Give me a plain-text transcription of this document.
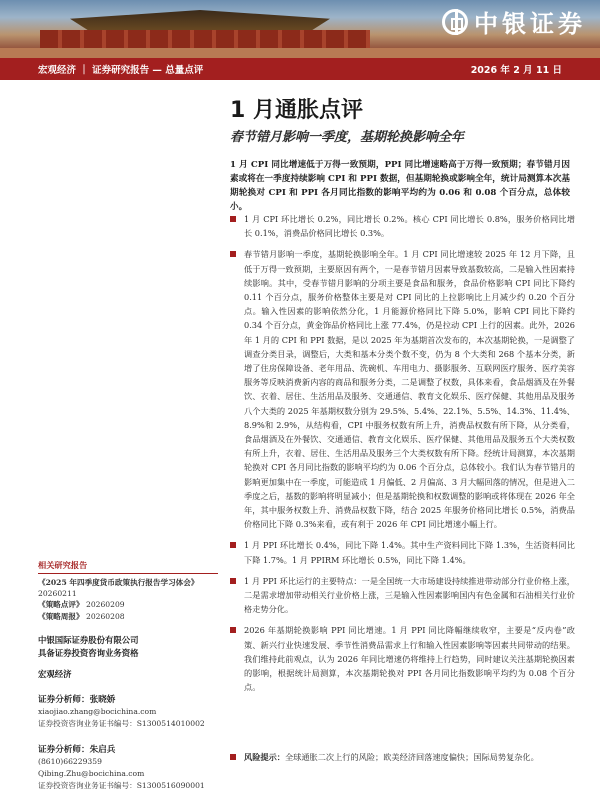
中银证券
宏观经济 ｜ 证券研究报告 — 总量点评	2026 年 2 月 11 日
1 月通胀点评
春节错月影响一季度，基期轮换影响全年
1 月 CPI 同比增速低于万得一致预期，PPI 同比增速略高于万得一致预期；春节错月因素或将在一季度持续影响 CPI 和 PPI 数据，但基期轮换或影响全年，统计局测算本次基期轮换对 CPI 和 PPI 各月同比指数的影响平均约为 0.06 和 0.08 个百分点，总体较小。
1 月 CPI 环比增长 0.2%，同比增长 0.2%。核心 CPI 同比增长 0.8%，服务价格同比增长 0.1%，消费品价格同比增长 0.3%。
春节错月影响一季度，基期轮换影响全年。1 月 CPI 同比增速较 2025 年 12 月下降，且低于万得一致预期，主要原因有两个，一是春节错月因素导致基数较高，二是输入性因素持续影响。其中，受春节错月影响的分项主要是食品和服务，食品价格影响 CPI 同比下降约 0.11 个百分点，服务价格整体主要是对 CPI 同比的上拉影响比上月减少约 0.20 个百分点。输入性因素的影响依然分化，1 月能源价格同比下降 5.0%，影响 CPI 同比下降约 0.34 个百分点，黄金饰品价格同比上涨 77.4%，仍是拉动 CPI 上行的因素。此外，2026 年 1 月的 CPI 和 PPI 数据，是以 2025 年为基期首次发布的，本次基期轮换，一是调整了调查分类目录，调整后，大类和基本分类个数不变，仍为 8 个大类和 268 个基本分类，新增了住房保障设备、老年用品、洗碗机、车用电力、摄影服务、互联网医疗服务、医疗美容服务等反映消费新内容的商品和服务分类，二是调整了权数，具体来看，食品烟酒及在外餐饮、衣着、居住、生活用品及服务、交通通信、教育文化娱乐、医疗保健、其他用品及服务八个大类的 2025 年基期权数分别为 29.5%、5.4%、22.1%、5.5%、14.3%、11.4%、8.9%和 2.9%，从结构看，CPI 中服务权数有所上升，消费品权数有所下降，从分类看，食品烟酒及在外餐饮、交通通信、教育文化娱乐、医疗保健、其他用品及服务五个大类权数有所上升，衣着、居住、生活用品及服务三个大类权数有所下降。经统计局测算，本次基期轮换对 CPI 各月同比指数的影响平均约为 0.06 个百分点，总体较小。我们认为春节错月的影响更加集中在一季度，可能造成 1 月偏低、2 月偏高、3 月大幅回落的情况，但是进入二季度之后，基数的影响将明显减小；但是基期轮换和权数调整的影响或将体现在 2026 年全年，其中服务权数上升、消费品权数下降，结合 2025 年服务价格同比增长 0.5%，消费品价格同比下降 0.3%来看，或有利于 2026 年 CPI 同比增速小幅上行。
1 月 PPI 环比增长 0.4%，同比下降 1.4%。其中生产资料同比下降 1.3%，生活资料同比下降 1.7%。1 月 PPIRM 环比增长 0.5%，同比下降 1.4%。
1 月 PPI 环比运行的主要特点：一是全国统一大市场建设持续推进带动部分行业价格上涨，二是需求增加带动相关行业价格上涨，三是输入性因素影响国内有色金属和石油相关行业价格走势分化。
2026 年基期轮换影响 PPI 同比增速。1 月 PPI 同比降幅继续收窄，主要是“反内卷”政策、新兴行业快速发展、季节性消费品需求上行和输入性因素影响等因素共同带动的结果。我们维持此前观点，认为 2026 年同比增速仍将维持上行趋势，同时建议关注基期轮换因素的影响，根据统计局测算，本次基期轮换对 PPI 各月同比指数影响平均约为 0.08 个百分点。
风险提示：全球通胀二次上行的风险；欧美经济回落速度偏快；国际局势复杂化。
相关研究报告
《2025 年四季度货币政策执行报告学习体会》
20260211
《策略点评》 20260209
《策略周报》 20260208
中银国际证券股份有限公司
具备证券投资咨询业务资格
宏观经济
证券分析师：张晓娇
xiaojiao.zhang@bocichina.com
证券投资咨询业务证书编号：S1300514010002
证券分析师：朱启兵
(8610)66229359
Qibing.Zhu@bocichina.com
证券投资咨询业务证书编号：S1300516090001
